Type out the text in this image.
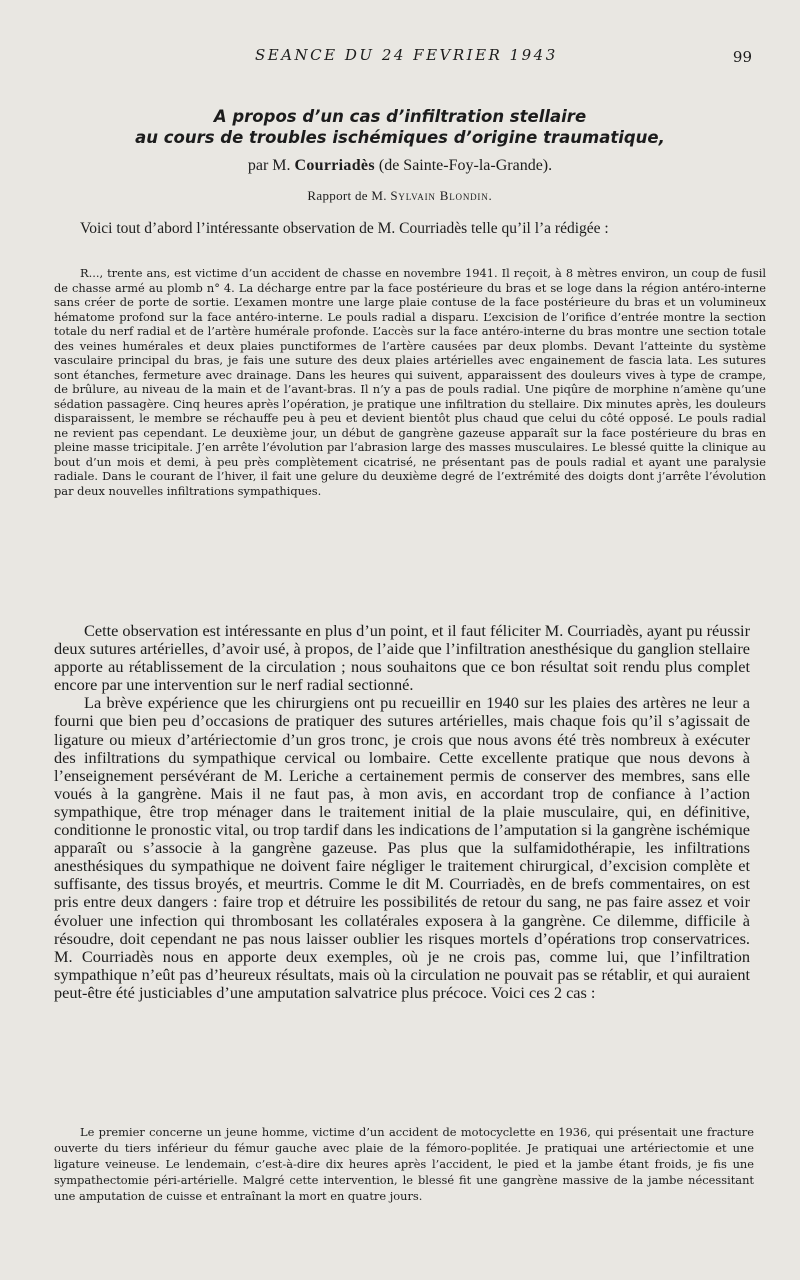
SEANCE DU 24 FEVRIER 1943	99
A propos d’un cas d’infiltration stellaire
au cours de troubles ischémiques d’origine traumatique,
par M. Courriadès (de Sainte-Foy-la-Grande).
Rapport de M. Sylvain Blondin.

Voici tout d’abord l’intéressante observation de M. Courriadès telle qu’il l’a rédigée :

R..., trente ans, est victime d’un accident de chasse en novembre 1941. Il reçoit, à 8 mètres environ, un coup de fusil de chasse armé au plomb n° 4. La décharge entre par la face postérieure du bras et se loge dans la région antéro-interne sans créer de porte de sortie. L’examen montre une large plaie contuse de la face postérieure du bras et un volumineux hématome profond sur la face antéro-interne. Le pouls radial a disparu. L’excision de l’orifice d’entrée montre la section totale du nerf radial et de l’artère humérale profonde. L’accès sur la face antéro-interne du bras montre une section totale des veines humérales et deux plaies punctiformes de l’artère causées par deux plombs. Devant l’atteinte du système vasculaire principal du bras, je fais une suture des deux plaies artérielles avec engainement de fascia lata. Les sutures sont étanches, fermeture avec drainage. Dans les heures qui suivent, apparaissent des douleurs vives à type de crampe, de brûlure, au niveau de la main et de l’avant-bras. Il n’y a pas de pouls radial. Une piqûre de morphine n’amène qu’une sédation passagère. Cinq heures après l’opération, je pratique une infiltration du stellaire. Dix minutes après, les douleurs disparaissent, le membre se réchauffe peu à peu et devient bientôt plus chaud que celui du côté opposé. Le pouls radial ne revient pas cependant. Le deuxième jour, un début de gangrène gazeuse apparaît sur la face postérieure du bras en pleine masse tricipitale. J’en arrête l’évolution par l’abrasion large des masses musculaires. Le blessé quitte la clinique au bout d’un mois et demi, à peu près complètement cicatrisé, ne présentant pas de pouls radial et ayant une paralysie radiale. Dans le courant de l’hiver, il fait une gelure du deuxième degré de l’extrémité des doigts dont j’arrête l’évolution par deux nouvelles infiltrations sympathiques.

Cette observation est intéressante en plus d’un point, et il faut féliciter M. Courriadès, ayant pu réussir deux sutures artérielles, d’avoir usé, à propos, de l’aide que l’infiltration anesthésique du ganglion stellaire apporte au rétablissement de la circulation ; nous souhaitons que ce bon résultat soit rendu plus complet encore par une intervention sur le nerf radial sectionné.

La brève expérience que les chirurgiens ont pu recueillir en 1940 sur les plaies des artères ne leur a fourni que bien peu d’occasions de pratiquer des sutures artérielles, mais chaque fois qu’il s’agissait de ligature ou mieux d’artériectomie d’un gros tronc, je crois que nous avons été très nombreux à exécuter des infiltrations du sympathique cervical ou lombaire. Cette excellente pratique que nous devons à l’enseignement persévérant de M. Leriche a certainement permis de conserver des membres, sans elle voués à la gangrène. Mais il ne faut pas, à mon avis, en accordant trop de confiance à l’action sympathique, être trop ménager dans le traitement initial de la plaie musculaire, qui, en définitive, conditionne le pronostic vital, ou trop tardif dans les indications de l’amputation si la gangrène ischémique apparaît ou s’associe à la gangrène gazeuse. Pas plus que la sulfamidothérapie, les infiltrations anesthésiques du sympathique ne doivent faire négliger le traitement chirurgical, d’excision complète et suffisante, des tissus broyés, et meurtris. Comme le dit M. Courriadès, en de brefs commentaires, on est pris entre deux dangers : faire trop et détruire les possibilités de retour du sang, ne pas faire assez et voir évoluer une infection qui thrombosant les collatérales exposera à la gangrène. Ce dilemme, difficile à résoudre, doit cependant ne pas nous laisser oublier les risques mortels d’opérations trop conservatrices. M. Courriadès nous en apporte deux exemples, où je ne crois pas, comme lui, que l’infiltration sympathique n’eût pas d’heureux résultats, mais où la circulation ne pouvait pas se rétablir, et qui auraient peut-être été justiciables d’une amputation salvatrice plus précoce. Voici ces 2 cas :

Le premier concerne un jeune homme, victime d’un accident de motocyclette en 1936, qui présentait une fracture ouverte du tiers inférieur du fémur gauche avec plaie de la fémoro-poplitée. Je pratiquai une artériectomie et une ligature veineuse. Le lendemain, c’est-à-dire dix heures après l’accident, le pied et la jambe étant froids, je fis une sympathectomie péri-artérielle. Malgré cette intervention, le blessé fit une gangrène massive de la jambe nécessitant une amputation de cuisse et entraînant la mort en quatre jours.
